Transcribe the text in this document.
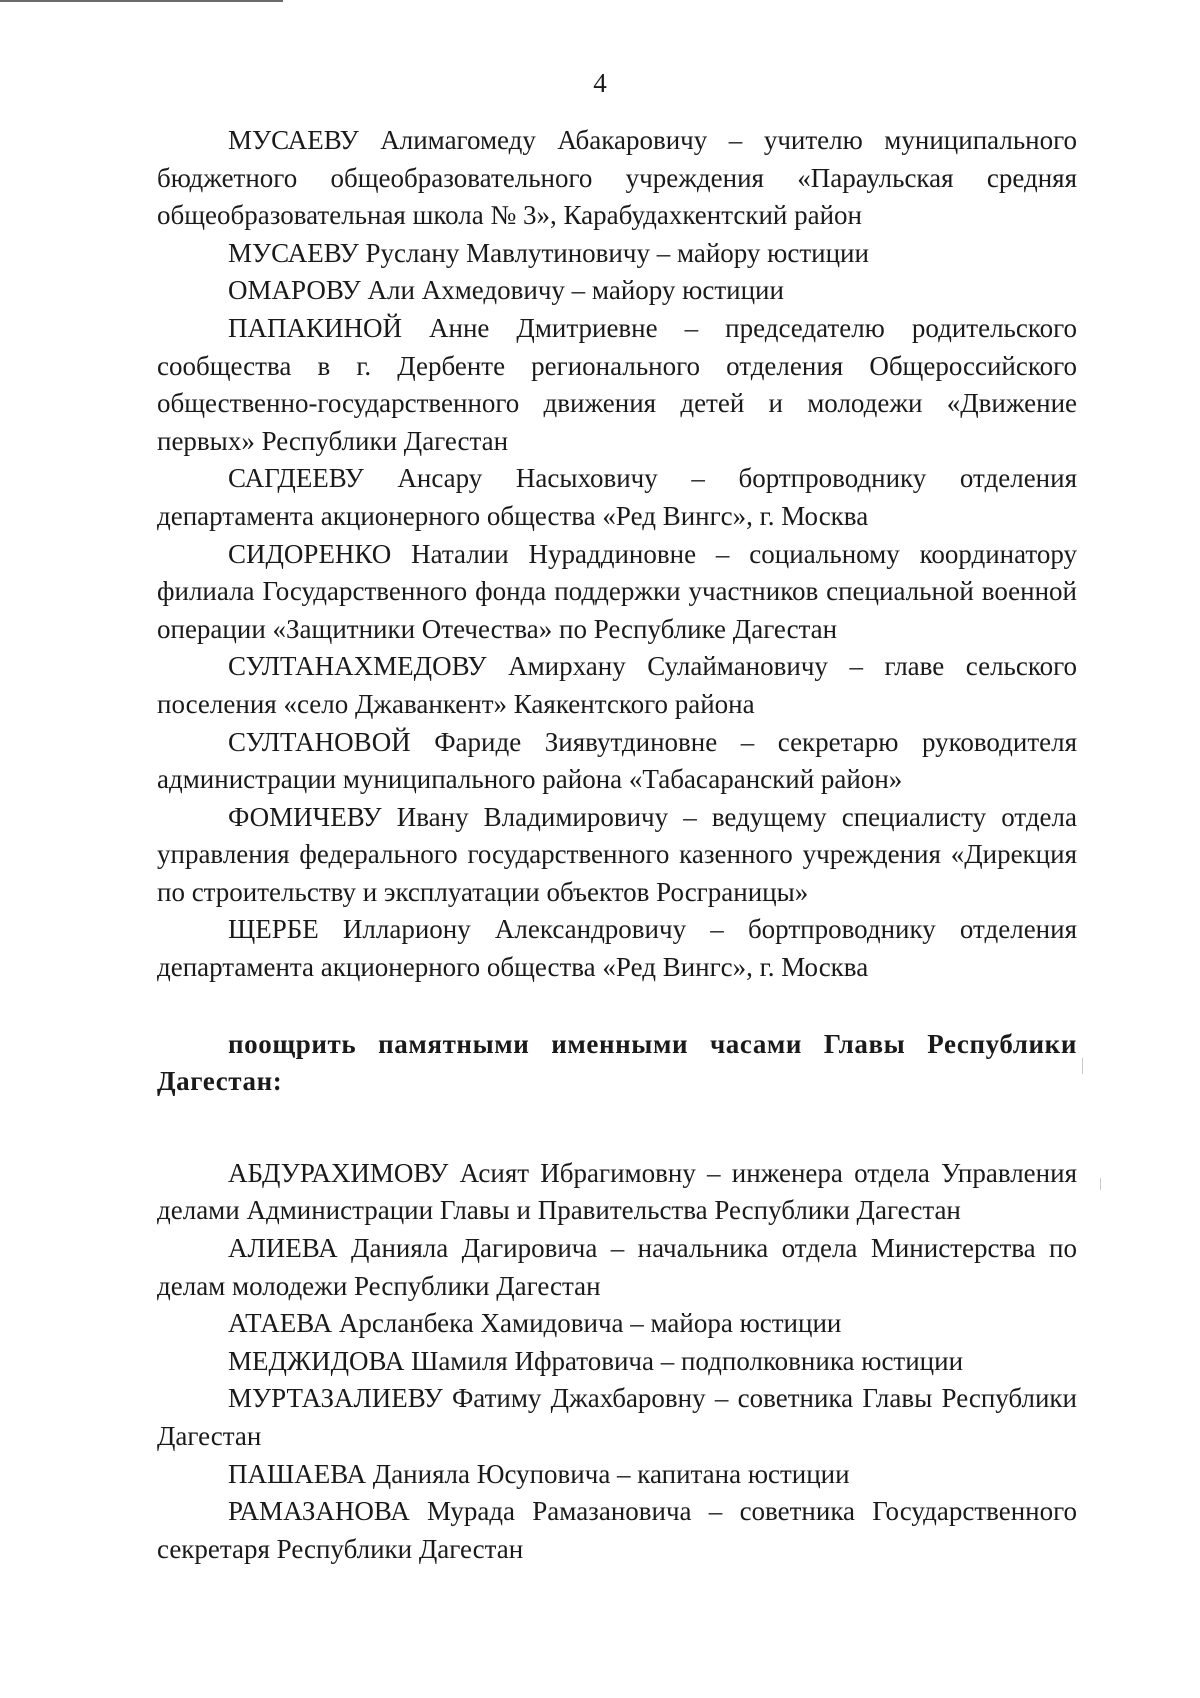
4

МУСАЕВУ Алимагомеду Абакаровичу – учителю муниципального бюджетного общеобразовательного учреждения «Параульская средняя общеобразовательная школа № 3», Карабудахкентский район

МУСАЕВУ Руслану Мавлутиновичу – майору юстиции

ОМАРОВУ Али Ахмедовичу – майору юстиции

ПАПАКИНОЙ Анне Дмитриевне – председателю родительского сообщества в г. Дербенте регионального отделения Общероссийского общественно-государственного движения детей и молодежи «Движение первых» Республики Дагестан

САГДЕЕВУ Ансару Насыховичу – бортпроводнику отделения департамента акционерного общества «Ред Вингс», г. Москва

СИДОРЕНКО Наталии Нураддиновне – социальному координатору филиала Государственного фонда поддержки участников специальной военной операции «Защитники Отечества» по Республике Дагестан

СУЛТАНАХМЕДОВУ Амирхану Сулаймановичу – главе сельского поселения «село Джаванкент» Каякентского района

СУЛТАНОВОЙ Фариде Зиявутдиновне – секретарю руководителя администрации муниципального района «Табасаранский район»

ФОМИЧЕВУ Ивану Владимировичу – ведущему специалисту отдела управления федерального государственного казенного учреждения «Дирекция по строительству и эксплуатации объектов Росграницы»

ЩЕРБЕ Иллариону Александровичу – бортпроводнику отделения департамента акционерного общества «Ред Вингс», г. Москва

поощрить памятными именными часами Главы Республики Дагестан:

АБДУРАХИМОВУ Асият Ибрагимовну – инженера отдела Управления делами Администрации Главы и Правительства Республики Дагестан

АЛИЕВА Данияла Дагировича – начальника отдела Министерства по делам молодежи Республики Дагестан

АТАЕВА Арсланбека Хамидовича – майора юстиции

МЕДЖИДОВА Шамиля Ифратовича – подполковника юстиции

МУРТАЗАЛИЕВУ Фатиму Джахбаровну – советника Главы Республики Дагестан

ПАШАЕВА Данияла Юсуповича – капитана юстиции

РАМАЗАНОВА Мурада Рамазановича – советника Государственного секретаря Республики Дагестан
